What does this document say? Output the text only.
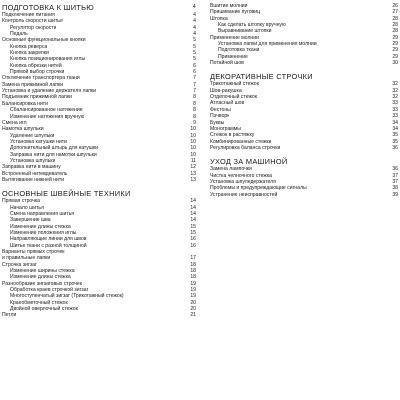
ПОДГОТОВКА К ШИТЬЮ	4
Подключение питания	4
Контроль скорости шитья	4
Регулятор скорости	4
Педаль	4
Основные функциональные кнопки	5
Кнопка реверса	5
Кнопка закрепки	5
Кнопка позиционирования иглы	5
Кнопка обрезки нитей	6
Прямой выбор строчки	6
Отключение транспортера ткани	7
Замена прижимной лапки	7
Установка и удаление держателя лапки	7
Подъемник прижимной лапки	8
Балансировка нити	8
Сбалансированное натяжение	8
Изменение натяжения вручную	8
Смена игл	9
Намотка шпульки	10
Удаление шпульки	10
Установка катушки нити	10
Дополнительный штырь для катушки	10
Заправка нити для намотки шпульки	10
Установка шпульки	11
Заправка нити в машину	12
Встроенный нитевдеватель	13
Вытягивание нижней нити	13
ОСНОВНЫЕ ШВЕЙНЫЕ ТЕХНИКИ
Прямая строчка	14
Начало шитья	14
Смена направления шитья	14
Завершение шва	14
Изменение длины стежка	15
Изменение положения иглы	15
Направляющие линии для швов	16
Шитье ткани с разной толщиной	16
Варианты прямых строчек
и правильные лапки	17
Строчка зигзаг	18
Изменение ширины стежка	18
Изменение длины стежка	18
Разнообразие зигзаговых строчек	19
Обработка краев строчкой зигзаг	19
Многоступенчатый зигзаг (Трикотажный стежок)	19
Краеобметочный стежок	20
Двойной оверлочный стежок	20
Петли	21
Вшитие молнии	26
Пришивание пуговиц	27
Штопка	28
Как сделать штопку вручную	28
Выравнивание штопки	28
Применение молнии	29
Установка лапки для применения молнии	29
Подготовка ткани	29
Применение	29
Потайной шов	30
ДЕКОРАТИВНЫЕ СТРОЧКИ
Трикотажный стежок	32
Шов-ракушка	32
Отделочный стежок	32
Атласный шов	33
Фестоны	33
Пэчворк	33
Буквы	34
Монограммы	34
Стежок в растяжку	35
Комбинированные стежки	35
Регулировка баланса строчки	36
УХОД ЗА МАШИНОЙ
Замена лампочки	36
Чистка челночного стежка	37
Установка шпуледержателя	37
Проблемы и предупреждающие сигналы	38
Устранение неисправностей	39
